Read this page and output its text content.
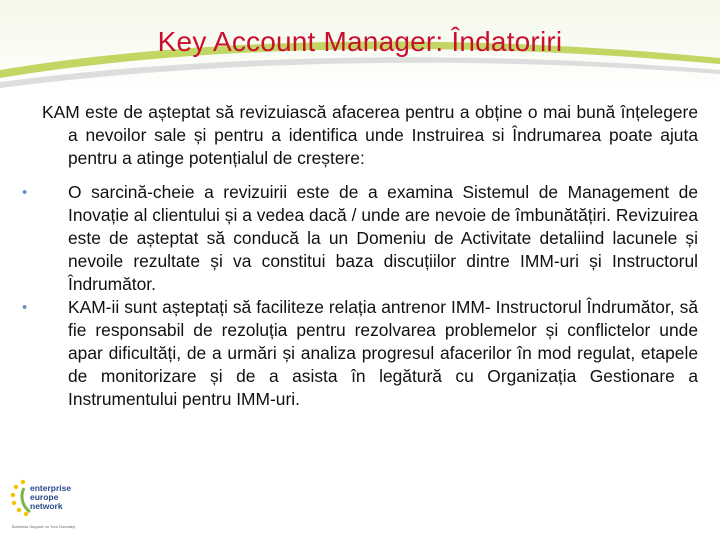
Key Account Manager: Îndatoriri
KAM este de așteptat să revizuiască afacerea pentru a obține o mai bună înțelegere a nevoilor sale și pentru a identifica unde Instruirea si Îndrumarea poate ajuta pentru a atinge potențialul de creștere:
• O sarcină-cheie a revizuirii este de a examina Sistemul de Management de Inovație al clientului și a vedea dacă / unde are nevoie de îmbunătățiri. Revizuirea este de așteptat să conducă la un Domeniu de Activitate detaliind lacunele și nevoile rezultate și va constitui baza discuțiilor dintre IMM-uri și Instructorul Îndrumător.
• KAM-ii sunt așteptați să faciliteze relația antrenor IMM- Instructorul Îndrumător, să fie responsabil de rezoluția pentru rezolvarea problemelor și conflictelor unde apar dificultăți, de a urmări și analiza progresul afacerilor în mod regulat, etapele de monitorizare și de a asista în legătură cu Organizația Gestionare a Instrumentului pentru IMM-uri.
enterprise
europe
network
Business Support on Your Doorstep
